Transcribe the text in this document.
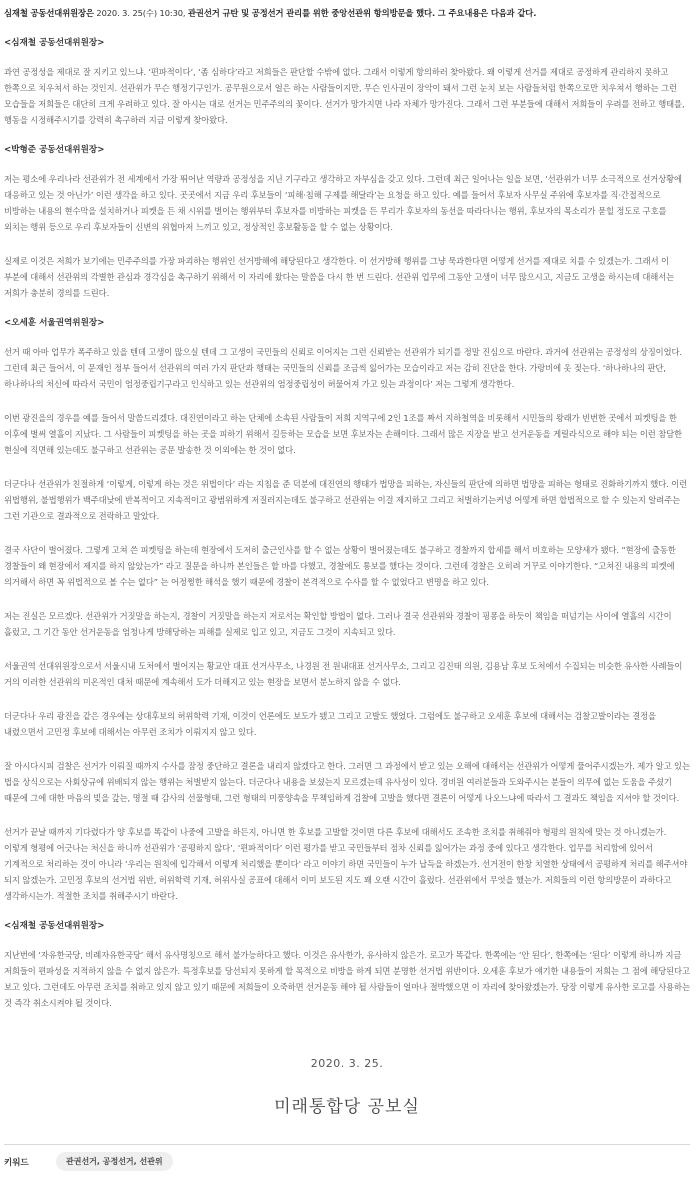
심재철 공동선대위원장은 2020. 3. 25(수) 10:30, 관권선거 규탄 및 공정선거 관리를 위한 중앙선관위 항의방문을 했다. 그 주요내용은 다음과 같다.

<심재철 공동선대위원장>

과연 공정성을 제대로 잘 지키고 있느냐. ‘편파적이다’, ‘좀 심하다’라고 저희들은 판단할 수밖에 없다. 그래서 이렇게 항의하러 찾아왔다. 왜 이렇게 선거를 제대로 공정하게 관리하지 못하고 한쪽으로 치우쳐서 하는 것인지. 선관위가 무슨 행정기구인가. 공무원으로서 얼은 하는 사람들이지만, 무슨 인사권이 장악이 돼서 그런 눈치 보는 사람들처럼 한쪽으로만 치우쳐서 행하는 그런 모습들을 저희들은 대단히 크게 우려하고 있다. 잘 아시는 대로 선거는 민주주의의 꽃이다. 선거가 망가지면 나라 자체가 망가진다. 그래서 그런 부분들에 대해서 저희들이 우려를 전하고 행태를, 행동을 시정해주시기를 강력히 촉구하러 지금 이렇게 찾아왔다.

<박형준 공동선대위원장>

저는 평소에 우리나라 선관위가 전 세계에서 가장 뛰어난 역량과 공정성을 지닌 기구라고 생각하고 자부심을 갖고 있다. 그런데 최근 일어나는 일을 보면, ‘선관위가 너무 소극적으로 선거상황에 대응하고 있는 것 아닌가’ 이런 생각을 하고 있다. 곳곳에서 지금 우리 후보들이 ‘피해·침해 구제를 해달라’는 요청을 하고 있다. 예를 들어서 후보자 사무실 주위에 후보자를 직·간접적으로 비방하는 내용의 현수막을 설치하거나 피켓을 든 채 시위를 벌이는 행위부터 후보자를 비방하는 피켓을 든 무리가 후보자의 동선을 따라다니는 행위, 후보자의 목소리가 묻힐 정도로 구호를 외치는 행위 등으로 우리 후보자들이 신변의 위협마저 느끼고 있고, 정상적인 홍보활동을 할 수 없는 상황이다.

실제로 이것은 저희가 보기에는 민주주의를 가장 파괴하는 행위인 선거방해에 해당된다고 생각한다. 이 선거방해 행위를 그냥 묵과한다면 어떻게 선거를 제대로 치를 수 있겠는가. 그래서 이 부분에 대해서 선관위의 각별한 관심과 경각심을 촉구하기 위해서 이 자리에 왔다는 말씀을 다시 한 번 드린다. 선관위 업무에 그동안 고생이 너무 많으시고, 지금도 고생을 하시는데 대해서는 저희가 충분히 경의를 드린다.

<오세훈 서울권역위원장>

선거 때 아마 업무가 폭주하고 있을 텐데 고생이 많으실 텐데 그 고생이 국민들의 신뢰로 이어지는 그런 신뢰받는 선관위가 되기를 정말 진심으로 바란다. 과거에 선관위는 공정성의 상징이었다. 그런데 최근 들어서, 이 문재인 정부 들어서 선관위의 여러 가지 판단과 행태는 국민들의 신뢰를 조금씩 잃어가는 모습이라고 저는 감히 진단을 한다. 가랑비에 옷 젖는다. ‘하나하나의 판단, 하나하나의 처신에 따라서 국민이 엄정중립기구라고 인식하고 있는 선관위의 엄정중립성이 허물어져 가고 있는 과정이다’ 저는 그렇게 생각한다.

이번 광진을의 경우를 예를 들어서 말씀드리겠다. 대진연이라고 하는 단체에 소속된 사람들이 저희 지역구에 2인 1조를 짜서 지하철역을 비롯해서 시민들의 왕래가 빈번한 곳에서 피켓팅을 한 이후에 벌써 열흘이 지났다. 그 사람들이 피켓팅을 하는 곳을 피하기 위해서 길등하는 모습을 보면 후보자는 손해이다. 그래서 많은 지장을 받고 선거운동을 게릴라식으로 해야 되는 이런 참담한 현실에 직면해 있는데도 불구하고 선관위는 공문 발송한 것 이외에는 한 것이 없다.

더군다나 선관위가 친절하게 ‘이렇게, 이렇게 하는 것은 위법이다’ 라는 지침을 준 덕분에 대진연의 행태가 법망을 피하는, 자신들의 판단에 의하면 법망을 피하는 형태로 진화하기까지 했다. 이런 위법행위, 불법행위가 백주대낮에 반복적이고 지속적이고 광범위하게 저질러지는데도 불구하고 선관위는 이걸 제지하고 그리고 처벌하기는커녕 어떻게 하면 합법적으로 할 수 있는지 알려주는 그런 기관으로 결과적으로 전락하고 말았다.

결국 사단이 벌어졌다. 그렇게 고쳐 쓴 피켓팅을 하는데 현장에서 도저히 출근인사를 할 수 없는 상황이 벌어졌는데도 불구하고 경찰까지 합세를 해서 비호하는 모양새가 됐다. “현장에 출동한 경찰들이 왜 현장에서 제지를 하지 않았는가” 라고 질문을 하니까 본인들은 할 바를 다했고, 경찰에도 통보를 했다는 것이다. 그런데 경찰은 오히려 거꾸로 이야기한다. “고쳐진 내용의 피켓에 의거해서 하면 꼭 위법적으로 볼 수는 없다” 는 어정쩡한 해석을 했기 때문에 경찰이 본격적으로 수사를 할 수 없었다고 변명을 하고 있다.

저는 진실은 모르겠다. 선관위가 거짓말을 하는지, 경찰이 거짓말을 하는지 저로서는 확인할 방법이 없다. 그러나 결국 선관위와 경찰이 핑퐁을 하듯이 책임을 떠넘기는 사이에 열흘의 시간이 흘렀고, 그 기간 동안 선거운동을 엄청나게 방해당하는 피해를 실제로 입고 있고, 지금도 그것이 지속되고 있다.

서울권역 선대위원장으로서 서울시내 도처에서 벌어지는 황교안 대표 선거사무소, 나경원 전 원내대표 선거사무소, 그리고 김진태 의원, 김용남 후보 도처에서 수집되는 비슷한 유사한 사례들이 거의 이러한 선관위의 미온적인 대처 때문에 계속해서 도가 더해지고 있는 현장을 보면서 분노하지 않을 수 없다.

더군다나 우리 광진을 같은 경우에는 상대후보의 허위학력 기재, 이것이 언론에도 보도가 됐고 그리고 고발도 했었다. 그럼에도 불구하고 오세훈 후보에 대해서는 검찰고발이라는 결정을 내렸으면서 고민정 후보에 대해서는 아무런 조치가 이뤄지지 않고 있다.

잘 아시다시피 검찰은 선거가 이뤄질 때까지 수사를 잠정 중단하고 결론을 내리지 않겠다고 한다. 그러면 그 과정에서 받고 있는 오해에 대해서는 선관위가 어떻게 풀어주시겠는가. 제가 알고 있는 법을 상식으로는 사회상규에 위배되지 않는 행위는 처벌받지 않는다. 더군다나 내용을 보셨는지 모르겠는데 유사성이 있다. 경비원 여러분들과 도와주시는 분들이 의무에 없는 도움을 주셨기 때문에 그에 대한 마음의 빚을 갚는, 명절 때 감사의 선물형태, 그런 형태의 미풍양속을 무책임하게 검찰에 고발을 했다면 결론이 어떻게 나오느냐에 따라서 그 결과도 책임을 지셔야 할 것이다.

선거가 끝날 때까지 기다렸다가 양 후보를 똑같이 나중에 고발을 하든지, 아니면 한 후보를 고발할 것이면 다른 후보에 대해서도 조속한 조치를 취해줘야 형평의 원칙에 맞는 것 아니겠는가. 이렇게 형평에 어긋나는 처신을 하니까 선관위가 ‘공평하지 않다’, ‘편파적이다’ 이런 평가를 받고 국민들부터 점차 신뢰를 잃어가는 과정 중에 있다고 생각한다. 업무를 처리함에 있어서 기계적으로 처리하는 것이 아니라 ‘우리는 원칙에 입각해서 이렇게 처리했을 뿐이다’ 라고 이야기 하면 국민들이 누가 납득을 하겠는가. 선거전이 한창 치열한 상태에서 공평하게 처리를 해주셔야 되지 않겠는가. 고민정 후보의 선거법 위반, 허위학력 기재, 허위사실 공표에 대해서 이미 보도된 지도 꽤 오랜 시간이 흘렀다. 선관위에서 무엇을 했는가. 저희들의 이런 항의방문이 과하다고 생각하시는가. 적절한 조치를 취해주시기 바란다.

<심재철 공동선대위원장>

지난번에 ‘자유한국당, 비례자유한국당’ 해서 유사명칭으로 해서 불가능하다고 했다. 이것은 유사한가, 유사하지 않은가. 로고가 똑같다. 한쪽에는 ‘안 된다’, 한쪽에는 ‘된다’ 이렇게 하니까 지금 저희들이 편파성을 지적하지 않을 수 없지 않은가. 특정후보를 당선되지 못하게 할 목적으로 비방을 하게 되면 분명한 선거법 위반이다. 오세훈 후보가 얘기한 내용들이 저희는 그 점에 해당된다고 보고 있다. 그런데도 아무런 조치를 취하고 있지 않고 있기 때문에 저희들이 오죽하면 선거운동 해야 될 사람들이 얼마나 절박했으면 이 자리에 찾아왔겠는가. 당장 이렇게 유사한 로고를 사용하는 것 즉각 취소시켜야 될 것이다.

2020. 3. 25.

미래통합당 공보실

키워드	관권선거, 공정선거, 선관위
